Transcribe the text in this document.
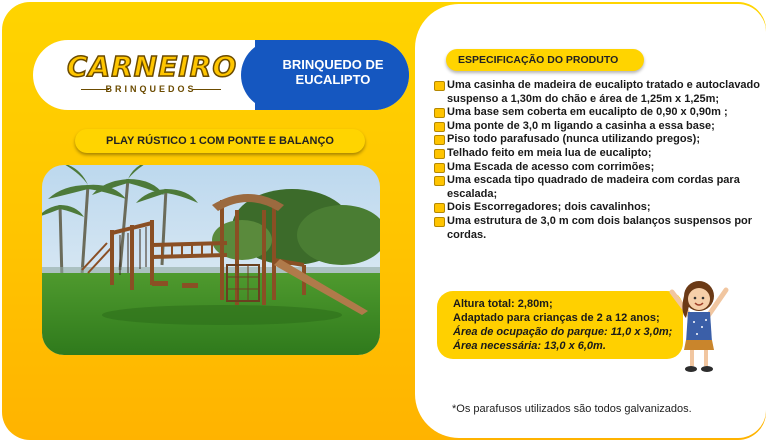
CARNEIRO
BRINQUEDOS
BRINQUEDO DE
EUCALIPTO
PLAY RÚSTICO 1 COM PONTE E BALANÇO
ESPECIFICAÇÃO DO PRODUTO
Uma casinha de madeira de eucalipto tratado e autoclavado suspenso a 1,30m do chão e área de 1,25m x 1,25m;
Uma base sem coberta em eucalipto de 0,90 x 0,90m ;
Uma ponte de 3,0 m ligando a casinha a essa base;
Piso todo parafusado (nunca utilizando pregos);
Telhado feito em meia lua de eucalipto;
Uma Escada de acesso com corrimões;
Uma escada tipo quadrado de madeira com cordas para escalada;
Dois Escorregadores; dois cavalinhos;
Uma estrutura de 3,0 m com dois balanços suspensos por cordas.
Altura total: 2,80m;
Adaptado para crianças de 2 a 12 anos;
Área de ocupação do parque: 11,0 x 3,0m;
Área necessária: 13,0 x 6,0m.
*Os parafusos utilizados são todos galvanizados.
